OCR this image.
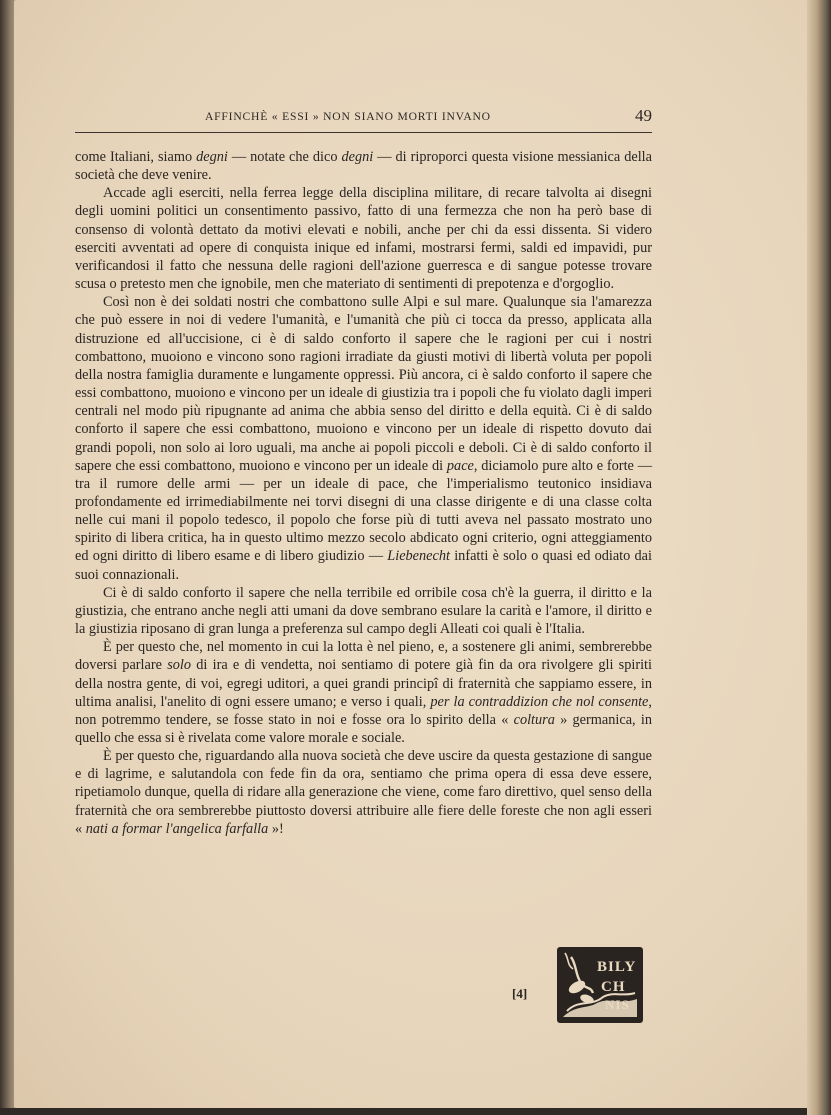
AFFINCHÈ « ESSI » NON SIANO MORTI INVANO	49

come Italiani, siamo degni — notate che dico degni — di riproporci questa visione messianica della società che deve venire.

Accade agli eserciti, nella ferrea legge della disciplina militare, di recare talvolta ai disegni degli uomini politici un consentimento passivo, fatto di una fermezza che non ha però base di consenso di volontà dettato da motivi elevati e nobili, anche per chi da essi dissenta. Si videro eserciti avventati ad opere di conquista inique ed infami, mostrarsi fermi, saldi ed impavidi, pur verificandosi il fatto che nessuna delle ragioni dell'azione guerresca e di sangue potesse trovare scusa o pretesto men che ignobile, men che materiato di sentimenti di prepotenza e d'orgoglio.

Così non è dei soldati nostri che combattono sulle Alpi e sul mare. Qualunque sia l'amarezza che può essere in noi di vedere l'umanità, e l'umanità che più ci tocca da presso, applicata alla distruzione ed all'uccisione, ci è di saldo conforto il sapere che le ragioni per cui i nostri combattono, muoiono e vincono sono ragioni irradiate da giusti motivi di libertà voluta per popoli della nostra famiglia duramente e lungamente oppressi. Più ancora, ci è saldo conforto il sapere che essi combattono, muoiono e vincono per un ideale di giustizia tra i popoli che fu violato dagli imperi centrali nel modo più ripugnante ad anima che abbia senso del diritto e della equità. Ci è di saldo conforto il sapere che essi combattono, muoiono e vincono per un ideale di rispetto dovuto dai grandi popoli, non solo ai loro uguali, ma anche ai popoli piccoli e deboli. Ci è di saldo conforto il sapere che essi combattono, muoiono e vincono per un ideale di pace, diciamolo pure alto e forte — tra il rumore delle armi — per un ideale di pace, che l'imperialismo teutonico insidiava profondamente ed irrimediabilmente nei torvi disegni di una classe dirigente e di una classe colta nelle cui mani il popolo tedesco, il popolo che forse più di tutti aveva nel passato mostrato uno spirito di libera critica, ha in questo ultimo mezzo secolo abdicato ogni criterio, ogni atteggiamento ed ogni diritto di libero esame e di libero giudizio — Liebenecht infatti è solo o quasi ed odiato dai suoi connazionali.

Ci è di saldo conforto il sapere che nella terribile ed orribile cosa ch'è la guerra, il diritto e la giustizia, che entrano anche negli atti umani da dove sembrano esulare la carità e l'amore, il diritto e la giustizia riposano di gran lunga a preferenza sul campo degli Alleati coi quali è l'Italia.

È per questo che, nel momento in cui la lotta è nel pieno, e, a sostenere gli animi, sembrerebbe doversi parlare solo di ira e di vendetta, noi sentiamo di potere già fin da ora rivolgere gli spiriti della nostra gente, di voi, egregi uditori, a quei grandi principî di fraternità che sappiamo essere, in ultima analisi, l'anelito di ogni essere umano; e verso i quali, per la contraddizion che nol consente, non potremmo tendere, se fosse stato in noi e fosse ora lo spirito della « coltura » germanica, in quello che essa si è rivelata come valore morale e sociale.

È per questo che, riguardando alla nuova società che deve uscire da questa gestazione di sangue e di lagrime, e salutandola con fede fin da ora, sentiamo che prima opera di essa deve essere, ripetiamolo dunque, quella di ridare alla generazione che viene, come faro direttivo, quel senso della fraternità che ora sembrerebbe piuttosto doversi attribuire alle fiere delle foreste che non agli esseri « nati a formar l'angelica farfalla »!

[4]
BILY
CH
NIS
